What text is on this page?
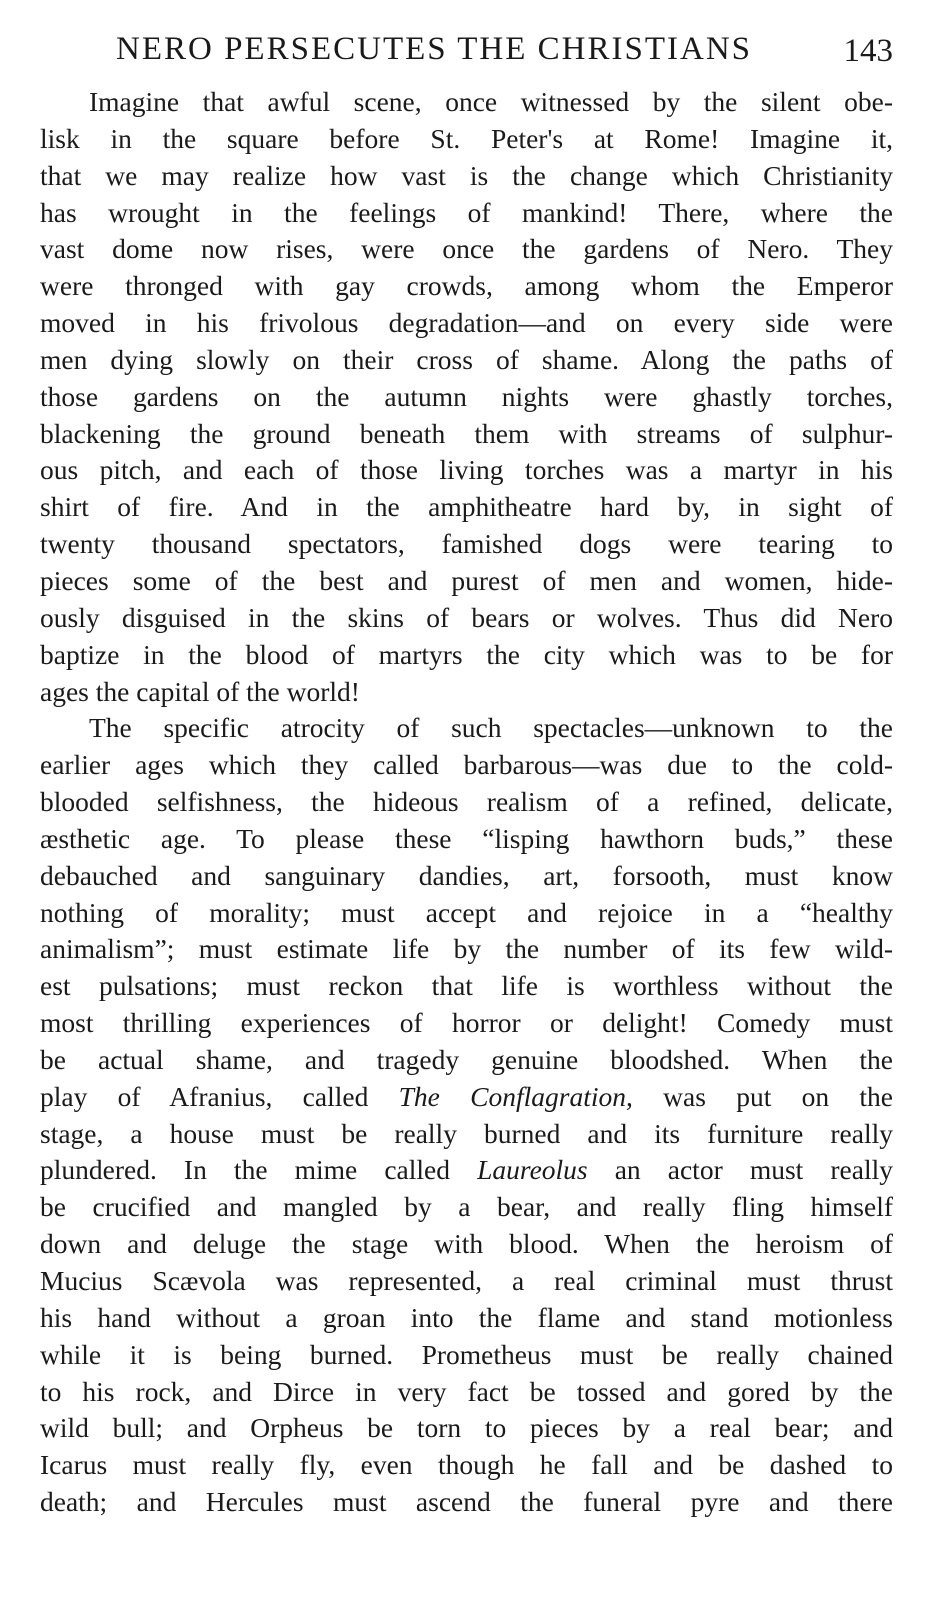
NERO PERSECUTES THE CHRISTIANS	143
Imagine that awful scene, once witnessed by the silent obe-
lisk in the square before St. Peter's at Rome! Imagine it,
that we may realize how vast is the change which Christianity
has wrought in the feelings of mankind! There, where the
vast dome now rises, were once the gardens of Nero. They
were thronged with gay crowds, among whom the Emperor
moved in his frivolous degradation—and on every side were
men dying slowly on their cross of shame. Along the paths of
those gardens on the autumn nights were ghastly torches,
blackening the ground beneath them with streams of sulphur-
ous pitch, and each of those living torches was a martyr in his
shirt of fire. And in the amphitheatre hard by, in sight of
twenty thousand spectators, famished dogs were tearing to
pieces some of the best and purest of men and women, hide-
ously disguised in the skins of bears or wolves. Thus did Nero
baptize in the blood of martyrs the city which was to be for
ages the capital of the world!
The specific atrocity of such spectacles—unknown to the
earlier ages which they called barbarous—was due to the cold-
blooded selfishness, the hideous realism of a refined, delicate,
æsthetic age. To please these “lisping hawthorn buds,” these
debauched and sanguinary dandies, art, forsooth, must know
nothing of morality; must accept and rejoice in a “healthy
animalism”; must estimate life by the number of its few wild-
est pulsations; must reckon that life is worthless without the
most thrilling experiences of horror or delight! Comedy must
be actual shame, and tragedy genuine bloodshed. When the
play of Afranius, called The Conflagration, was put on the
stage, a house must be really burned and its furniture really
plundered. In the mime called Laureolus an actor must really
be crucified and mangled by a bear, and really fling himself
down and deluge the stage with blood. When the heroism of
Mucius Scævola was represented, a real criminal must thrust
his hand without a groan into the flame and stand motionless
while it is being burned. Prometheus must be really chained
to his rock, and Dirce in very fact be tossed and gored by the
wild bull; and Orpheus be torn to pieces by a real bear; and
Icarus must really fly, even though he fall and be dashed to
death; and Hercules must ascend the funeral pyre and there
